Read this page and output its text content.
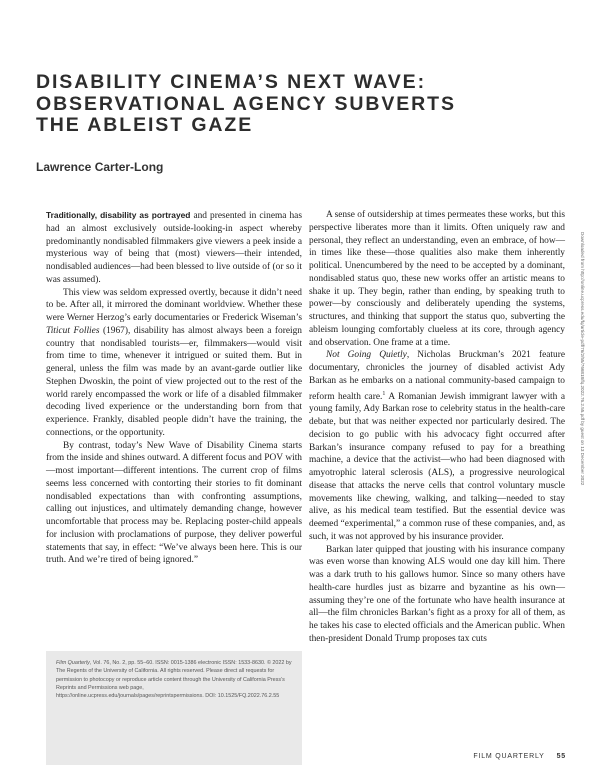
DISABILITY CINEMA’S NEXT WAVE:
OBSERVATIONAL AGENCY SUBVERTS
THE ABLEIST GAZE

Lawrence Carter-Long

Traditionally, disability as portrayed and presented in cinema has had an almost exclusively outside-looking-in aspect whereby predominantly nondisabled filmmakers give viewers a peek inside a mysterious way of being that (most) viewers—their intended, nondisabled audiences—had been blessed to live outside of (or so it was assumed).

This view was seldom expressed overtly, because it didn’t need to be. After all, it mirrored the dominant worldview. Whether these were Werner Herzog’s early documentaries or Frederick Wiseman’s Titicut Follies (1967), disability has almost always been a foreign country that nondisabled tourists—er, filmmakers—would visit from time to time, whenever it intrigued or suited them. But in general, unless the film was made by an avant-garde outlier like Stephen Dwoskin, the point of view projected out to the rest of the world rarely encompassed the work or life of a disabled filmmaker decoding lived experience or the understanding born from that experience. Frankly, disabled people didn’t have the training, the connections, or the opportunity.

By contrast, today’s New Wave of Disability Cinema starts from the inside and shines outward. A different focus and POV with—most important—different intentions. The current crop of films seems less concerned with contorting their stories to fit dominant nondisabled expectations than with confronting assumptions, calling out injustices, and ultimately demanding change, however uncomfortable that process may be. Replacing poster-child appeals for inclusion with proclamations of purpose, they deliver powerful statements that say, in effect: “We’ve always been here. This is our truth. And we’re tired of being ignored.”

A sense of outsidership at times permeates these works, but this perspective liberates more than it limits. Often uniquely raw and personal, they reflect an understanding, even an embrace, of how—in times like these—those qualities also make them inherently political. Unencumbered by the need to be accepted by a dominant, nondisabled status quo, these new works offer an artistic means to shake it up. They begin, rather than ending, by speaking truth to power—by consciously and deliberately upending the systems, structures, and thinking that support the status quo, subverting the ableism lounging comfortably clueless at its core, through agency and observation. One frame at a time.

Not Going Quietly, Nicholas Bruckman’s 2021 feature documentary, chronicles the journey of disabled activist Ady Barkan as he embarks on a national community-based campaign to reform health care.$^1$ A Romanian Jewish immigrant lawyer with a young family, Ady Barkan rose to celebrity status in the health-care debate, but that was neither expected nor particularly desired. The decision to go public with his advocacy fight occurred after Barkan’s insurance company refused to pay for a breathing machine, a device that the activist—who had been diagnosed with amyotrophic lateral sclerosis (ALS), a progressive neurological disease that attacks the nerve cells that control voluntary muscle movements like chewing, walking, and talking—needed to stay alive, as his medical team testified. But the essential device was deemed “experimental,” a common ruse of these companies, and, as such, it was not approved by his insurance provider.

Barkan later quipped that jousting with his insurance company was even worse than knowing ALS would one day kill him. There was a dark truth to his gallows humor. Since so many others have health-care hurdles just as bizarre and byzantine as his own—assuming they’re one of the fortunate who have health insurance at all—the film chronicles Barkan’s fight as a proxy for all of them, as he takes his case to elected officials and the American public. When then-president Donald Trump proposes tax cuts

Film Quarterly, Vol. 76, No. 2, pp. 55–60. ISSN: 0015-1386 electronic ISSN: 1533-8630. © 2022 by The Regents of the University of California. All rights reserved. Please direct all requests for permission to photocopy or reproduce article content through the University of California Press’s Reprints and Permissions web page, https://online.ucpress.edu/journals/pages/reprintspermissions. DOI: 10.1525/FQ.2022.76.2.55
Downloaded from http://online.ucpress.edu/fq/article-pdf/76/2/55/766818/fq.2022.76.2.55.pdf by guest on 13 December 2022
FILM QUARTERLY 55
